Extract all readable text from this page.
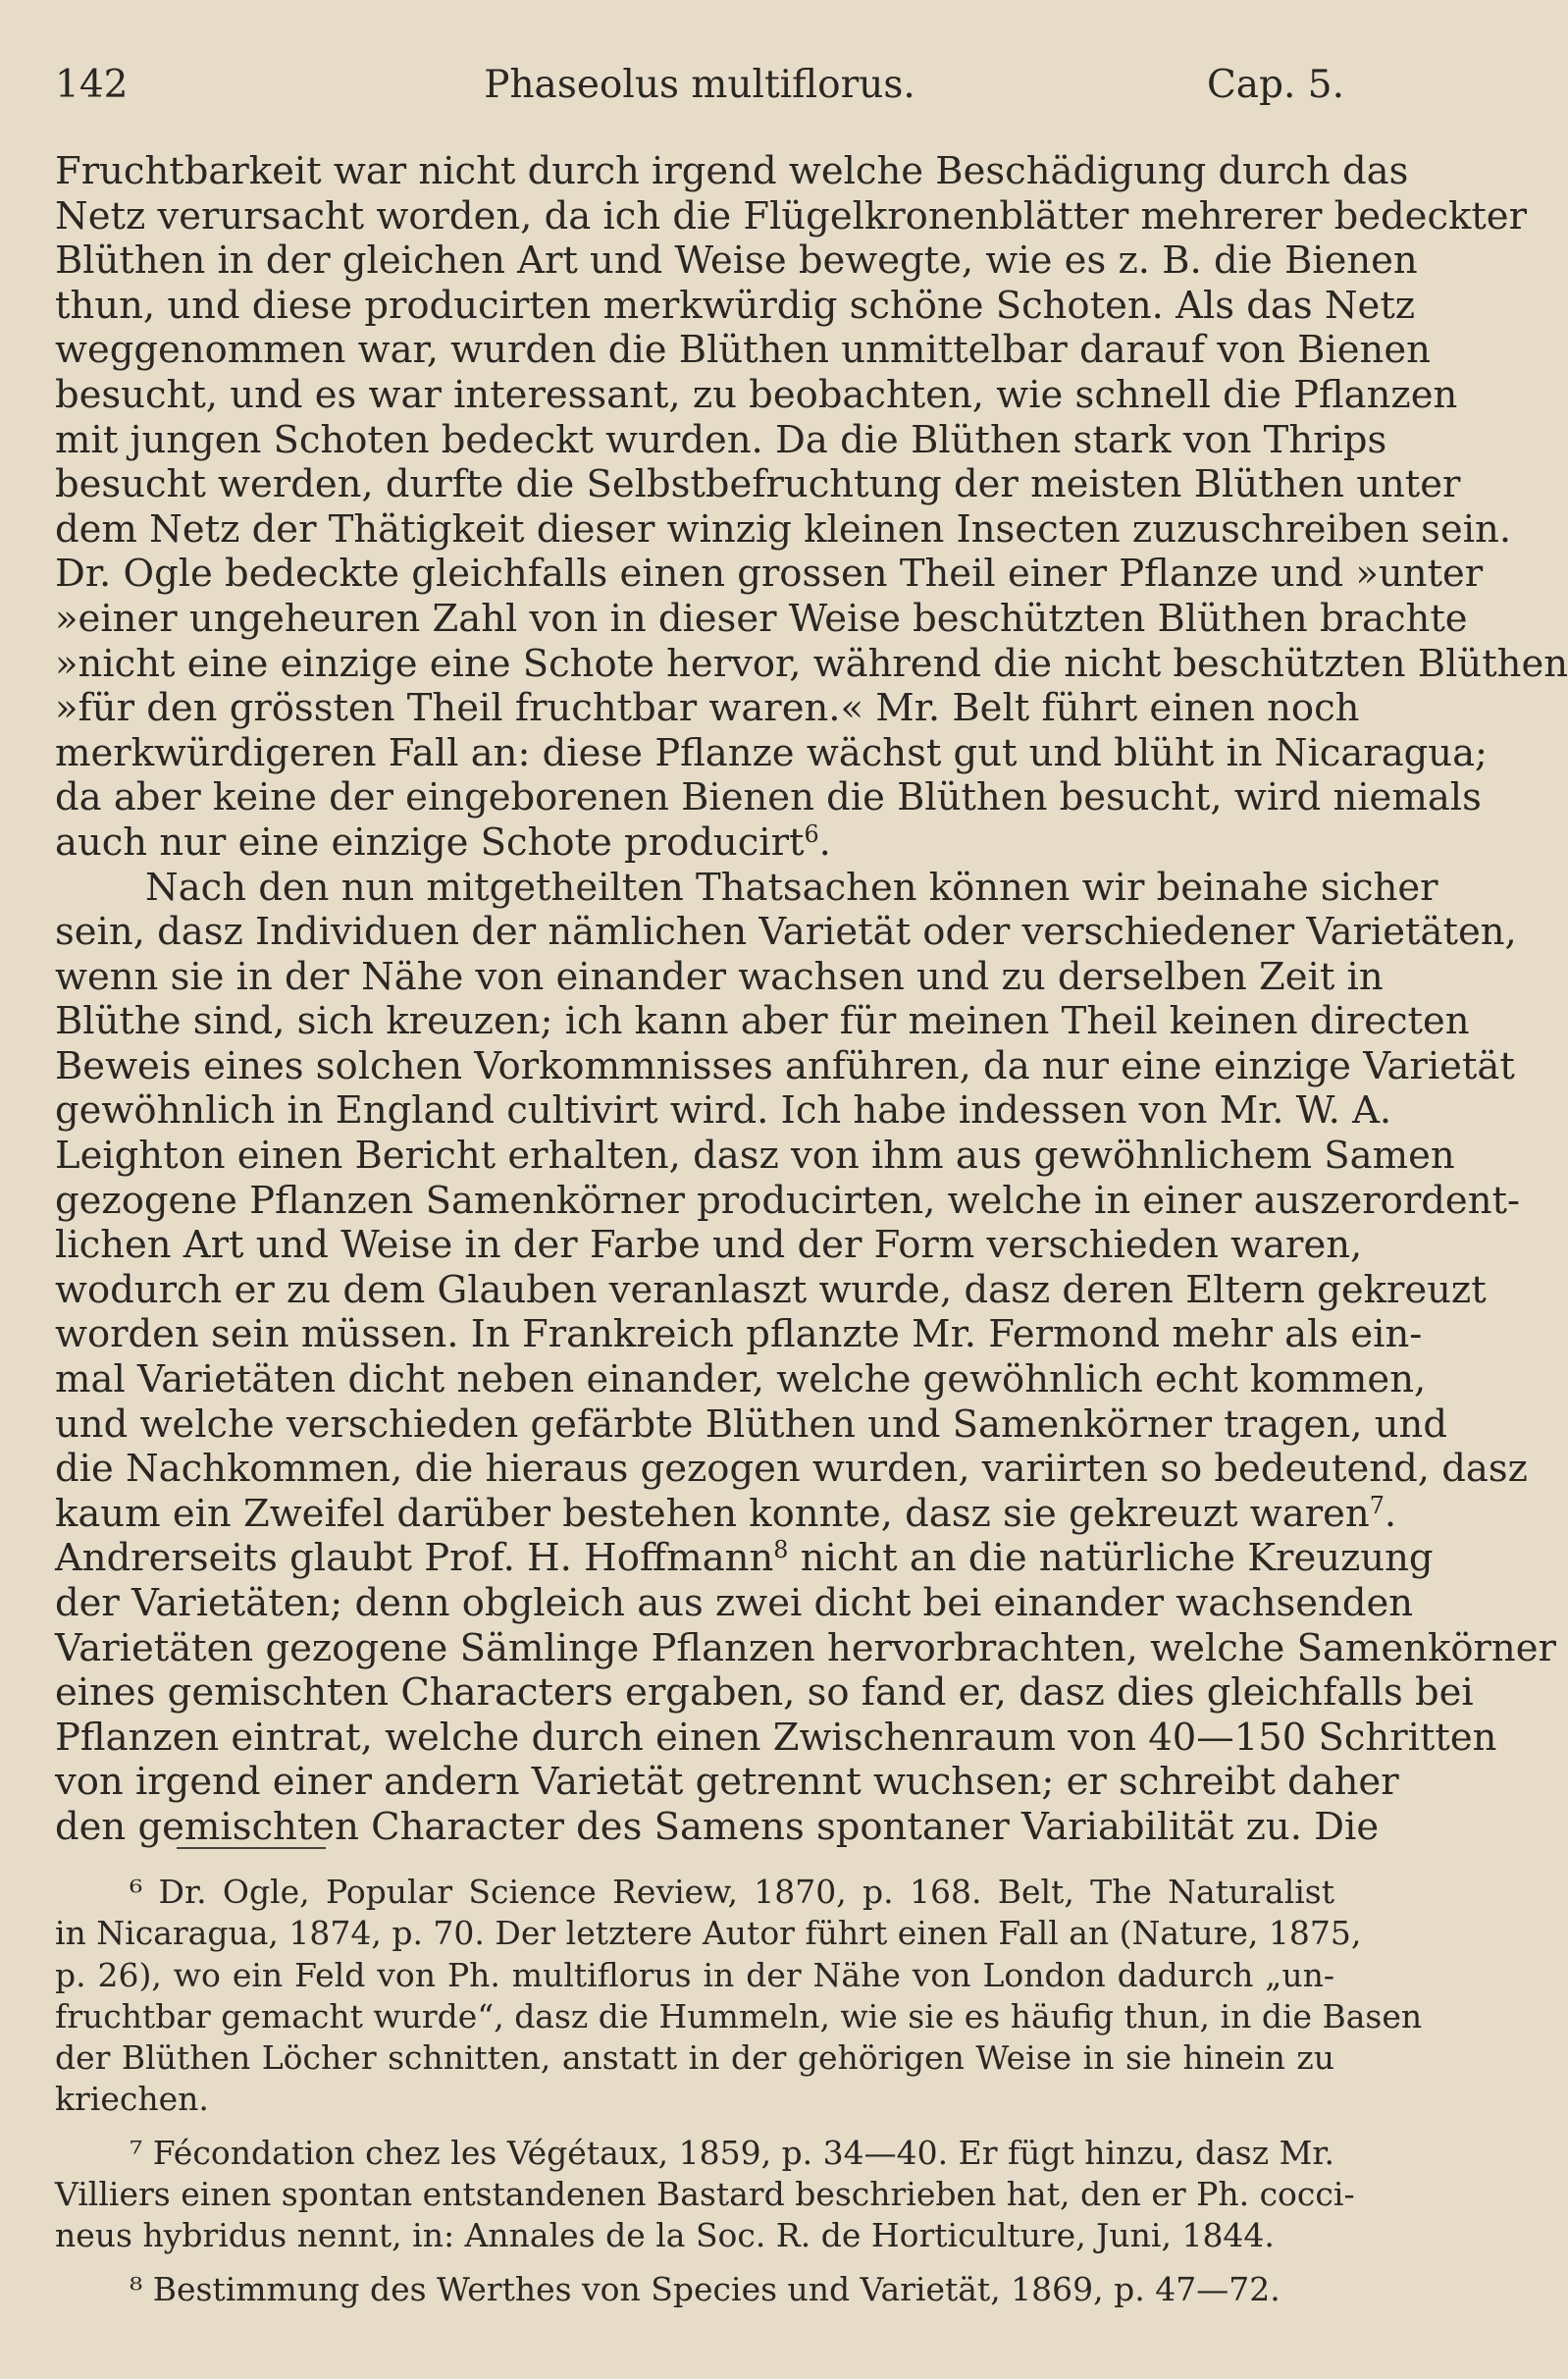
142	Phaseolus multiflorus.	Cap. 5.
Fruchtbarkeit war nicht durch irgend welche Beschädigung durch das
Netz verursacht worden, da ich die Flügelkronenblätter mehrerer bedeckter
Blüthen in der gleichen Art und Weise bewegte, wie es z. B. die Bienen
thun, und diese producirten merkwürdig schöne Schoten. Als das Netz
weggenommen war, wurden die Blüthen unmittelbar darauf von Bienen
besucht, und es war interessant, zu beobachten, wie schnell die Pflanzen
mit jungen Schoten bedeckt wurden. Da die Blüthen stark von Thrips
besucht werden, durfte die Selbstbefruchtung der meisten Blüthen unter
dem Netz der Thätigkeit dieser winzig kleinen Insecten zuzuschreiben sein.
Dr. Ogle bedeckte gleichfalls einen grossen Theil einer Pflanze und »unter
»einer ungeheuren Zahl von in dieser Weise beschützten Blüthen brachte
»nicht eine einzige eine Schote hervor, während die nicht beschützten Blüthen
»für den grössten Theil fruchtbar waren.« Mr. Belt führt einen noch
merkwürdigeren Fall an: diese Pflanze wächst gut und blüht in Nicaragua;
da aber keine der eingeborenen Bienen die Blüthen besucht, wird niemals
auch nur eine einzige Schote producirt$^6$.
Nach den nun mitgetheilten Thatsachen können wir beinahe sicher
sein, dasz Individuen der nämlichen Varietät oder verschiedener Varietäten,
wenn sie in der Nähe von einander wachsen und zu derselben Zeit in
Blüthe sind, sich kreuzen; ich kann aber für meinen Theil keinen directen
Beweis eines solchen Vorkommnisses anführen, da nur eine einzige Varietät
gewöhnlich in England cultivirt wird. Ich habe indessen von Mr. W. A.
Leighton einen Bericht erhalten, dasz von ihm aus gewöhnlichem Samen
gezogene Pflanzen Samenkörner producirten, welche in einer auszerordent-
lichen Art und Weise in der Farbe und der Form verschieden waren,
wodurch er zu dem Glauben veranlaszt wurde, dasz deren Eltern gekreuzt
worden sein müssen. In Frankreich pflanzte Mr. Fermond mehr als ein-
mal Varietäten dicht neben einander, welche gewöhnlich echt kommen,
und welche verschieden gefärbte Blüthen und Samenkörner tragen, und
die Nachkommen, die hieraus gezogen wurden, variirten so bedeutend, dasz
kaum ein Zweifel darüber bestehen konnte, dasz sie gekreuzt waren$^7$.
Andrerseits glaubt Prof. H. Hoffmann$^8$ nicht an die natürliche Kreuzung
der Varietäten; denn obgleich aus zwei dicht bei einander wachsenden
Varietäten gezogene Sämlinge Pflanzen hervorbrachten, welche Samenkörner
eines gemischten Characters ergaben, so fand er, dasz dies gleichfalls bei
Pflanzen eintrat, welche durch einen Zwischenraum von 40—150 Schritten
von irgend einer andern Varietät getrennt wuchsen; er schreibt daher
den gemischten Character des Samens spontaner Variabilität zu. Die
⁶ Dr. Ogle, Popular Science Review, 1870, p. 168. Belt, The Naturalist
in Nicaragua, 1874, p. 70. Der letztere Autor führt einen Fall an (Nature, 1875,
p. 26), wo ein Feld von Ph. multiflorus in der Nähe von London dadurch „un-
fruchtbar gemacht wurde“, dasz die Hummeln, wie sie es häufig thun, in die Basen
der Blüthen Löcher schnitten, anstatt in der gehörigen Weise in sie hinein zu
kriechen.
⁷ Fécondation chez les Végétaux, 1859, p. 34—40. Er fügt hinzu, dasz Mr.
Villiers einen spontan entstandenen Bastard beschrieben hat, den er Ph. cocci-
neus hybridus nennt, in: Annales de la Soc. R. de Horticulture, Juni, 1844.
⁸ Bestimmung des Werthes von Species und Varietät, 1869, p. 47—72.
